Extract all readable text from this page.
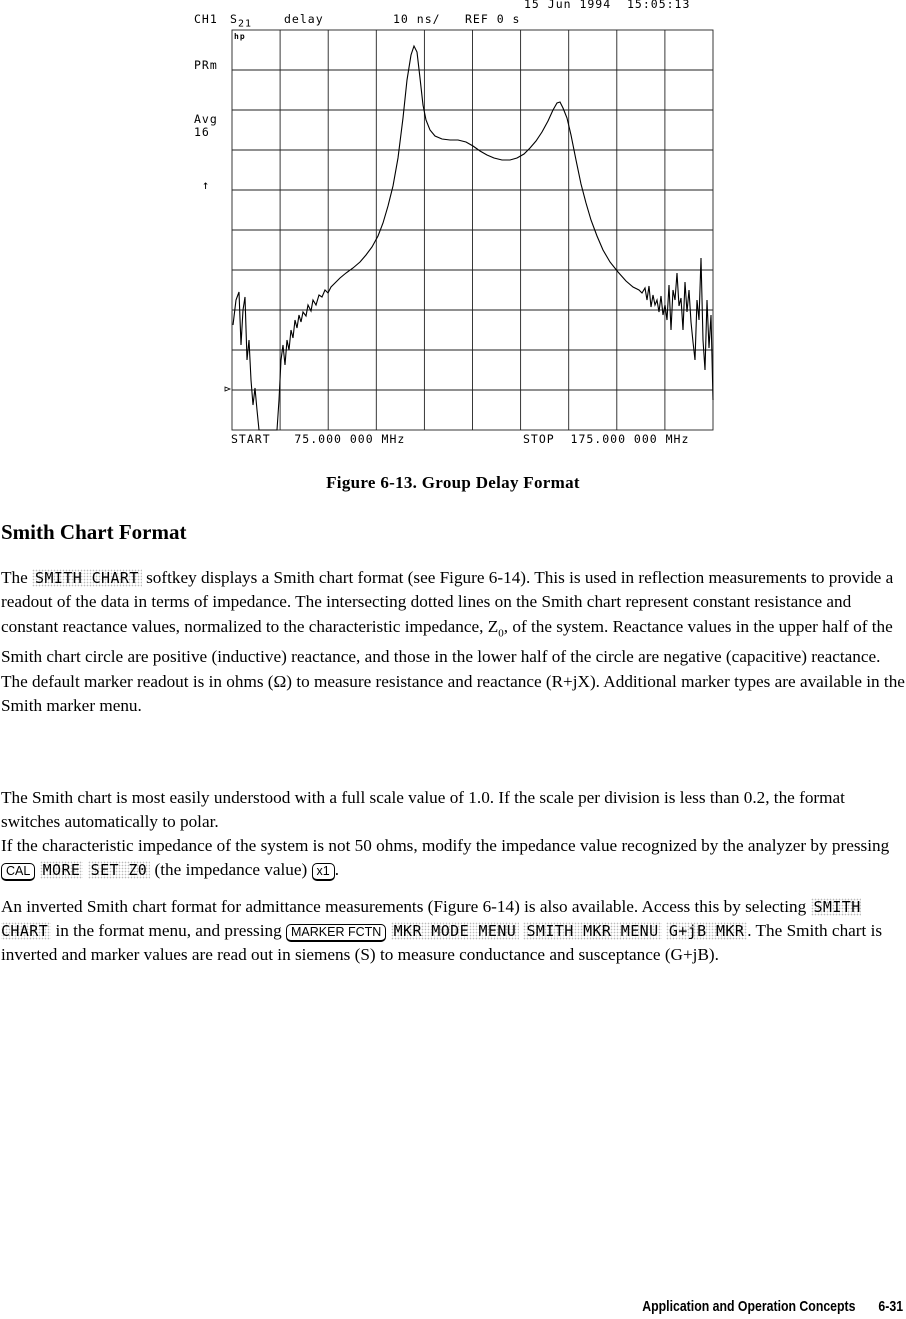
15 Jun 1994  15:05:13
CH1 $S_{21}$	delay	10 ns/ REF 0 s
hp
PRm
Avg
16
↑
START   75.000 000 MHz	STOP  175.000 000 MHz
Figure 6-13. Group Delay Format
Smith Chart Format

The SMITH CHART softkey displays a Smith chart format (see Figure 6-14). This is used in reflection measurements to provide a readout of the data in terms of impedance. The intersecting dotted lines on the Smith chart represent constant resistance and constant reactance values, normalized to the characteristic impedance, $Z_0$, of the system. Reactance values in the upper half of the Smith chart circle are positive (inductive) reactance, and those in the lower half of the circle are negative (capacitive) reactance. The default marker readout is in ohms (Ω) to measure resistance and reactance (R+jX). Additional marker types are available in the Smith marker menu.

The Smith chart is most easily understood with a full scale value of 1.0. If the scale per division is less than 0.2, the format switches automatically to polar.

If the characteristic impedance of the system is not 50 ohms, modify the impedance value recognized by the analyzer by pressing CAL MORE SET Z0 (the impedance value) x1 .

An inverted Smith chart format for admittance measurements (Figure 6-14) is also available. Access this by selecting SMITH CHART in the format menu, and pressing MARKER FCTN MKR MODE MENU SMITH MKR MENU G+jB MKR . The Smith chart is inverted and marker values are read out in siemens (S) to measure conductance and susceptance (G+jB).

Application and Operation Concepts 6-31
